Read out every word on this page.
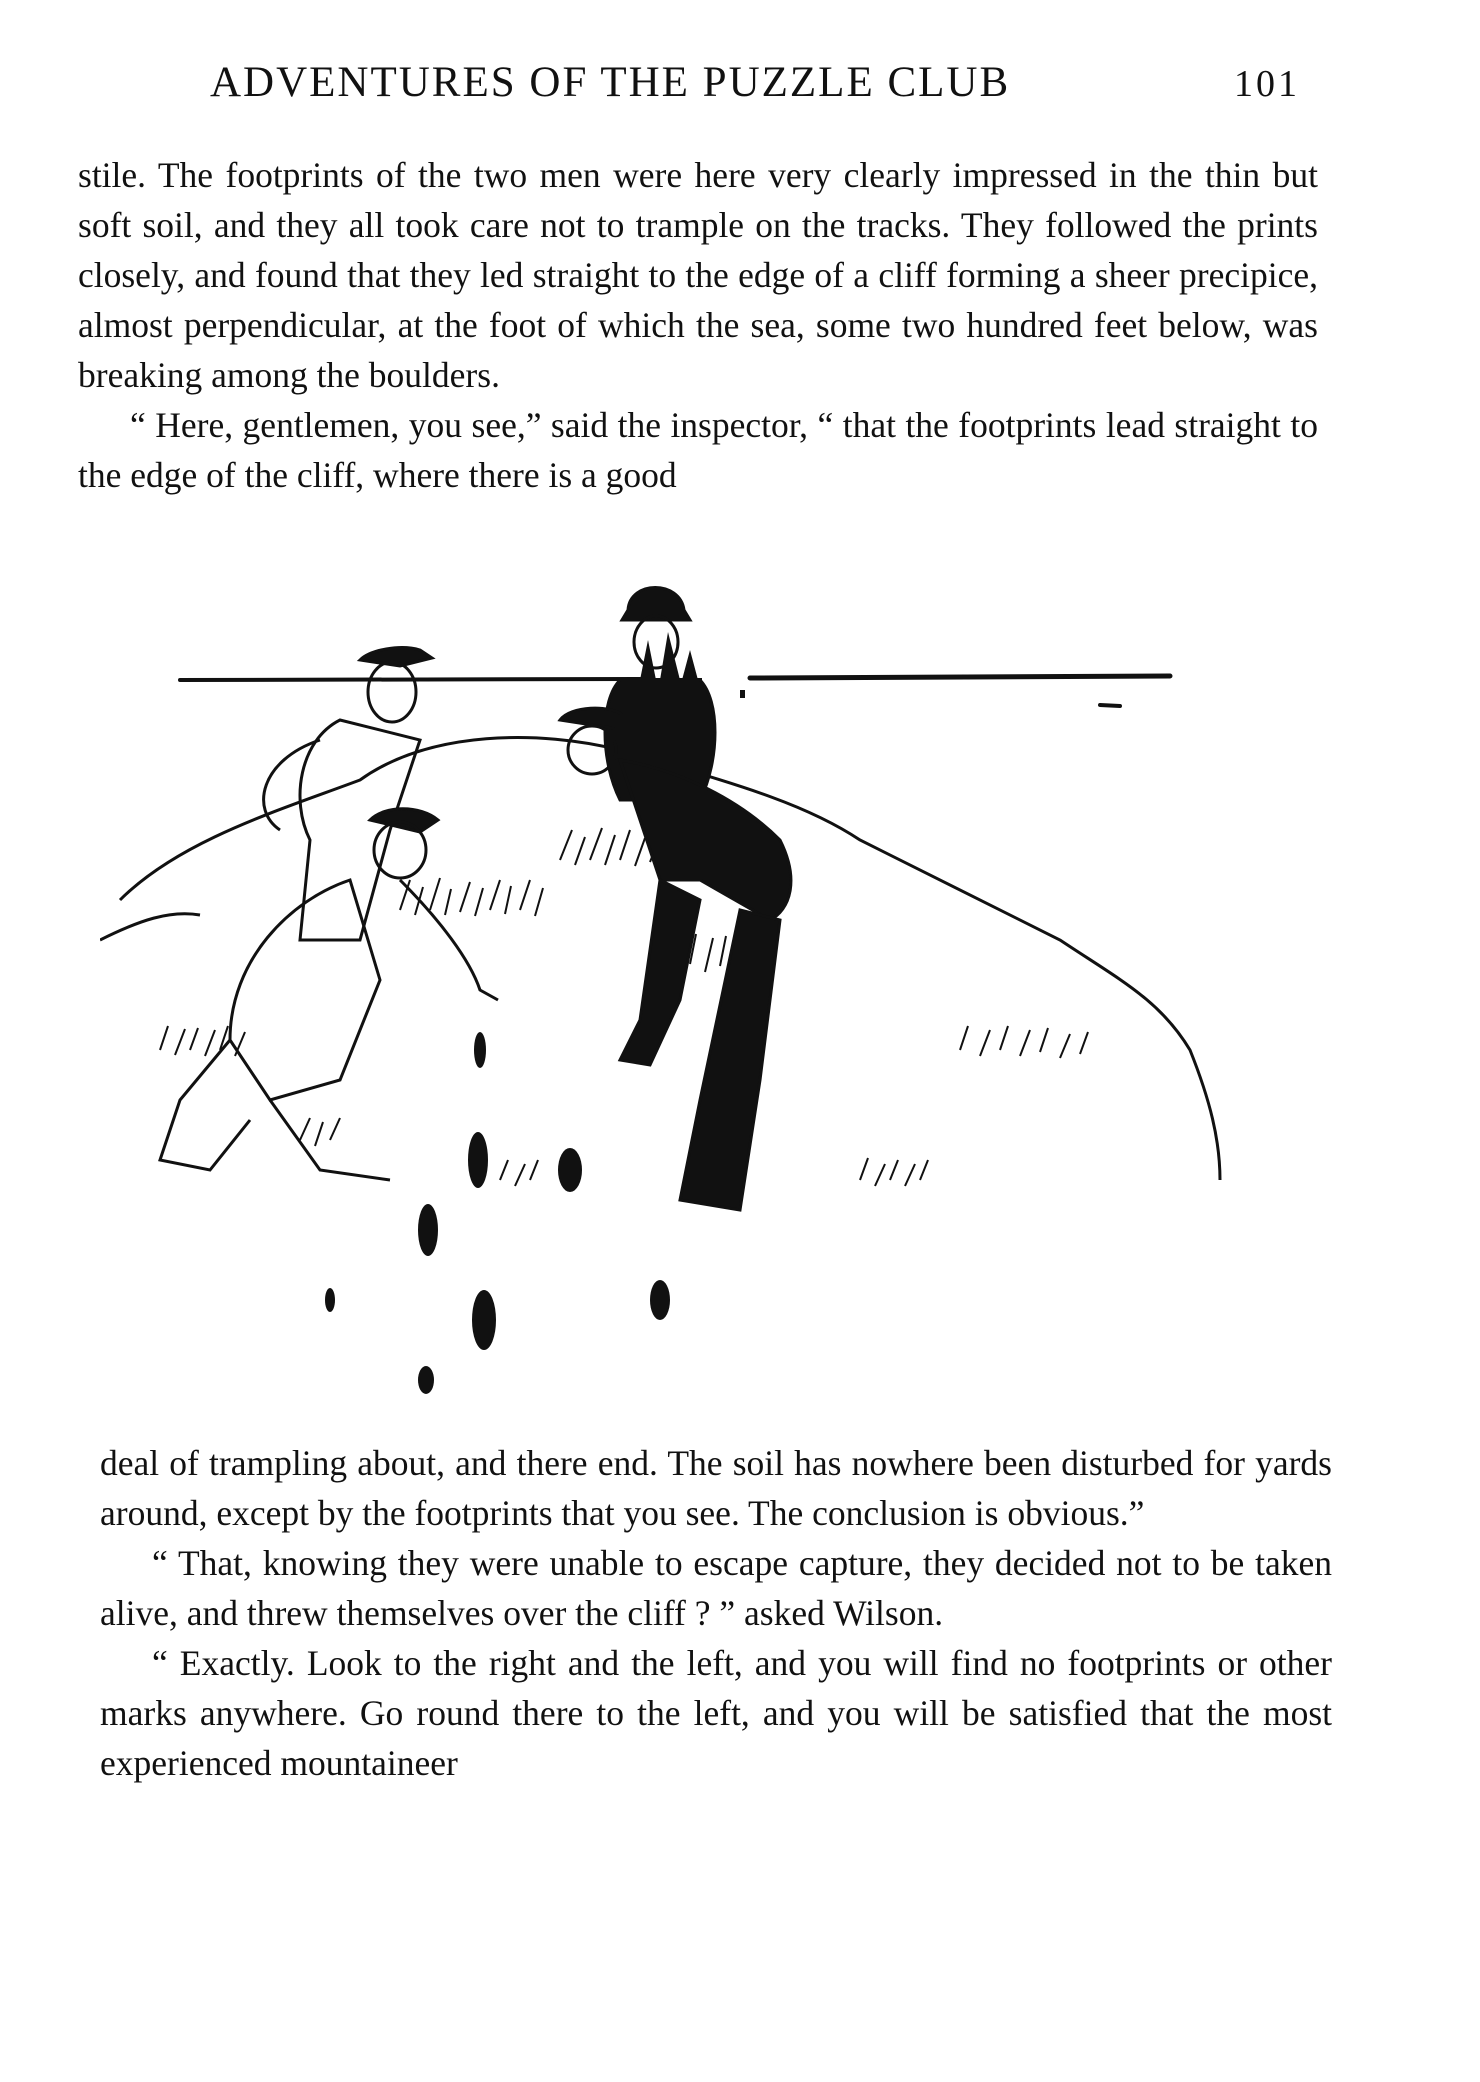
ADVENTURES OF THE PUZZLE CLUB	101

stile. The footprints of the two men were here very clearly impressed in the thin but soft soil, and they all took care not to trample on the tracks. They followed the prints closely, and found that they led straight to the edge of a cliff forming a sheer precipice, almost perpendicular, at the foot of which the sea, some two hundred feet below, was breaking among the boulders.

“ Here, gentlemen, you see,” said the inspector, “ that the footprints lead straight to the edge of the cliff, where there is a good

deal of trampling about, and there end. The soil has nowhere been disturbed for yards around, except by the footprints that you see. The conclusion is obvious.”

“ That, knowing they were unable to escape capture, they decided not to be taken alive, and threw themselves over the cliff ? ” asked Wilson.

“ Exactly. Look to the right and the left, and you will find no footprints or other marks anywhere. Go round there to the left, and you will be satisfied that the most experienced mountaineer
